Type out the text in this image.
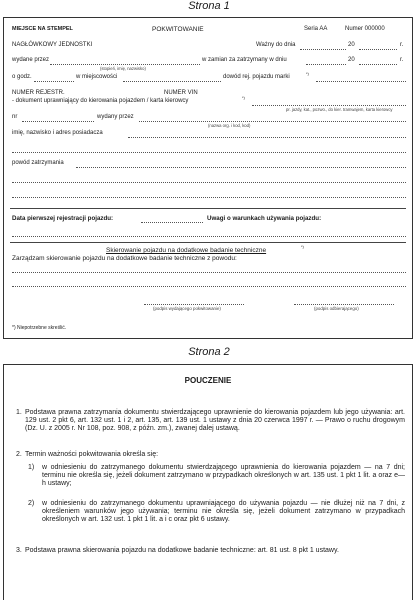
Strona 1
MIEJSCE NA STEMPEL	POKWITOWANIE	Seria AA	Numer 000000
NAGŁÓWKOWY JEDNOSTKI	Ważny do dnia	20	r.
wydane przez	w zamian za zatrzymany w dniu	20	r.
(stopień, imię, nazwisko)
o godz.	w miejscowości	dowód rej. pojazdu marki
*)
NUMER REJESTR.	NUMER VIN
- dokument uprawniający do kierowania pojazdem / karta kierowcy
*)
pr. jazdy, kat., pozwo., do kier. tramwajem, karta kierowcy
nr	wydany przez
(nazwa org. i kod, kod)
imię, nazwisko i adres posiadacza
powód zatrzymania
Data pierwszej rejestracji pojazdu:	Uwagi o warunkach używania pojazdu:
Skierowanie pojazdu na dodatkowe badanie techniczne
*)
Zarządzam skierowanie pojazdu na dodatkowe badanie techniczne z powodu:
(podpis wydającego pokwitowanie)	(podpis odbierającego)
*) Niepotrzebne skreślić.
Strona 2
POUCZENIE
1. Podstawa prawna zatrzymania dokumentu stwierdzającego uprawnienie do kierowania pojazdem lub jego używania: art. 129 ust. 2 pkt 6, art. 132 ust. 1 i 2, art. 135, art. 139 ust. 1 ustawy z dnia 20 czerwca 1997 r. — Prawo o ruchu drogowym (Dz. U. z 2005 r. Nr 108, poz. 908, z późn. zm.), zwanej dalej ustawą.
2. Termin ważności pokwitowania określa się:
1) w odniesieniu do zatrzymanego dokumentu stwierdzającego uprawnienia do kierowania pojazdem — na 7 dni; terminu nie określa się, jeżeli dokument zatrzymano w przypadkach określonych w art. 135 ust. 1 pkt 1 lit. a oraz e—h ustawy;
2) w odniesieniu do zatrzymanego dokumentu uprawniającego do używania pojazdu — nie dłużej niż na 7 dni, z określeniem warunków jego używania; terminu nie określa się, jeżeli dokument zatrzymano w przypadkach określonych w art. 132 ust. 1 pkt 1 lit. a i c oraz pkt 6 ustawy.
3. Podstawa prawna skierowania pojazdu na dodatkowe badanie techniczne: art. 81 ust. 8 pkt 1 ustawy.
